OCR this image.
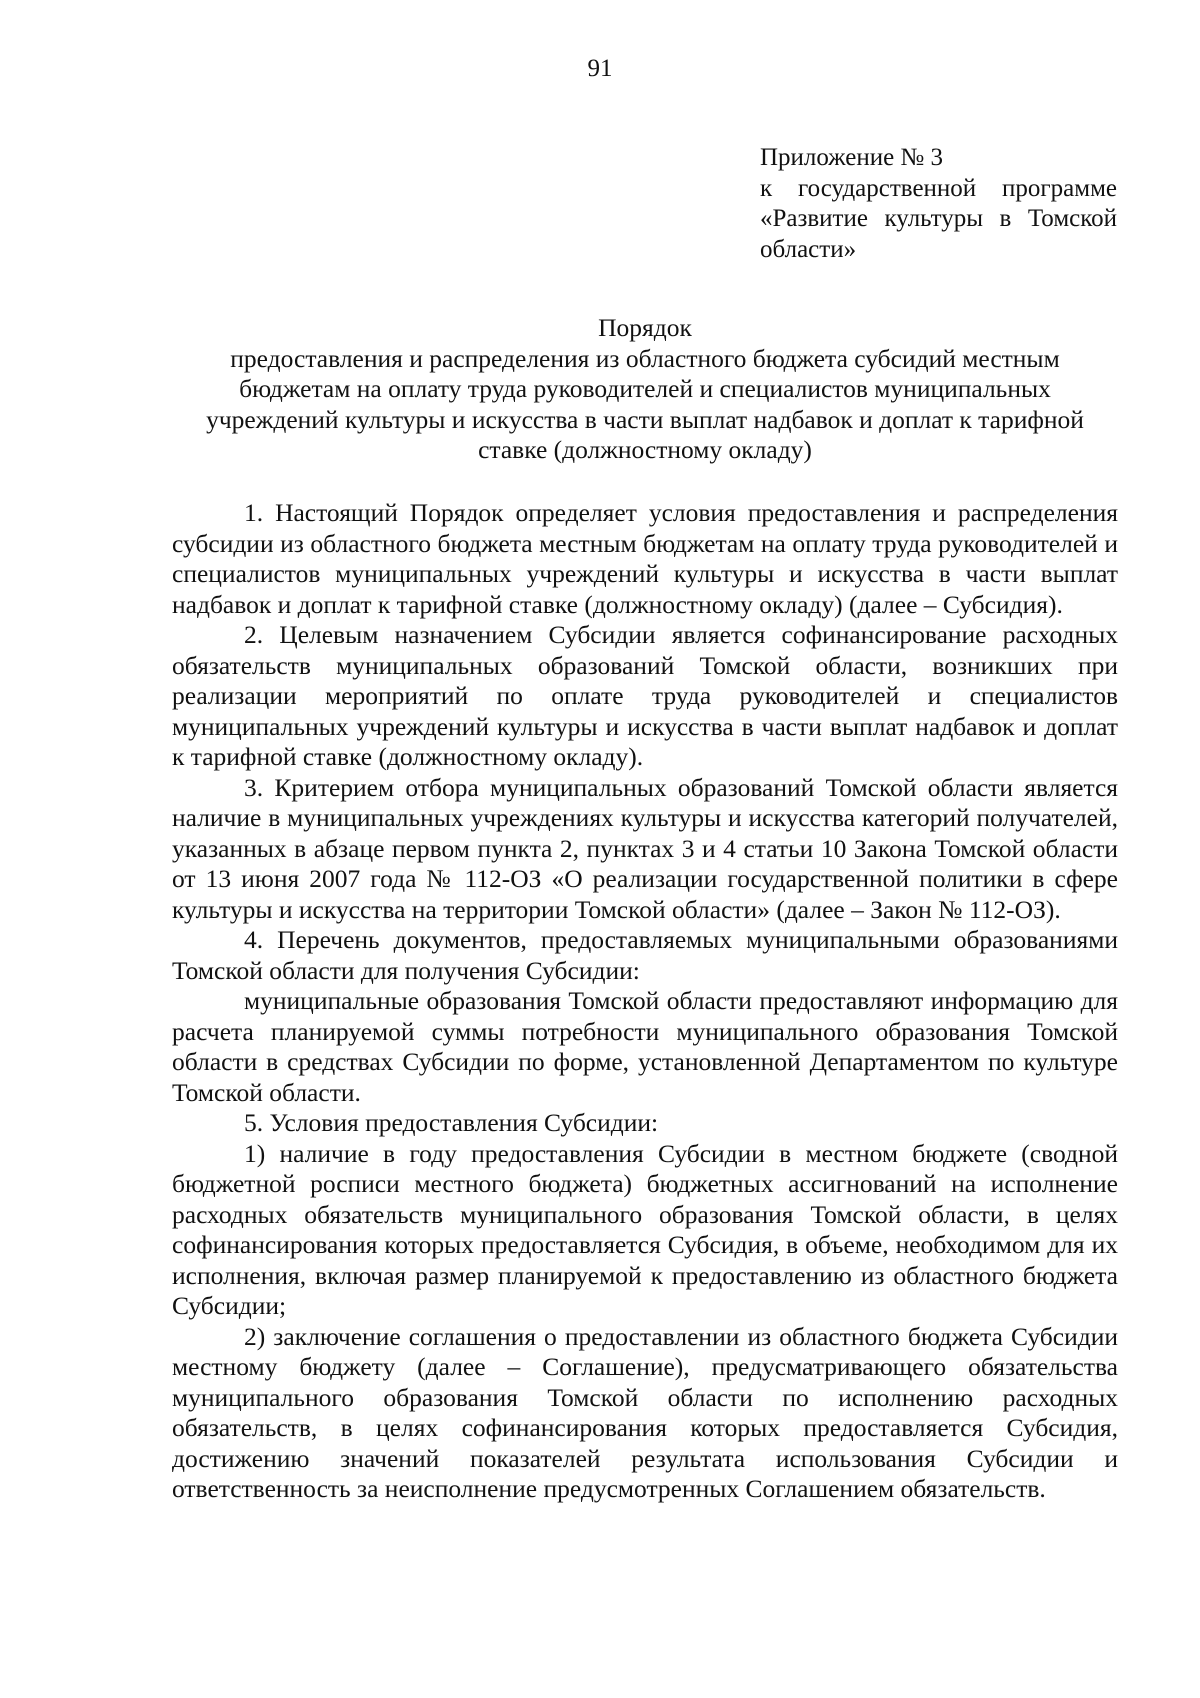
91
Приложение № 3
к государственной программе
«Развитие культуры в Томской
области»
Порядок
предоставления и распределения из областного бюджета субсидий местным бюджетам на оплату труда руководителей и специалистов муниципальных учреждений культуры и искусства в части выплат надбавок и доплат к тарифной ставке (должностному окладу)

1. Настоящий Порядок определяет условия предоставления и распределения субсидии из областного бюджета местным бюджетам на оплату труда руководителей и специалистов муниципальных учреждений культуры и искусства в части выплат надбавок и доплат к тарифной ставке (должностному окладу) (далее – Субсидия).

2. Целевым назначением Субсидии является софинансирование расходных обязательств муниципальных образований Томской области, возникших при реализации мероприятий по оплате труда руководителей и специалистов муниципальных учреждений культуры и искусства в части выплат надбавок и доплат к тарифной ставке (должностному окладу).

3. Критерием отбора муниципальных образований Томской области является наличие в муниципальных учреждениях культуры и искусства категорий получателей, указанных в абзаце первом пункта 2, пунктах 3 и 4 статьи 10 Закона Томской области от 13 июня 2007 года № 112-ОЗ «О реализации государственной политики в сфере культуры и искусства на территории Томской области» (далее – Закон № 112-ОЗ).

4. Перечень документов, предоставляемых муниципальными образованиями Томской области для получения Субсидии:

муниципальные образования Томской области предоставляют информацию для расчета планируемой суммы потребности муниципального образования Томской области в средствах Субсидии по форме, установленной Департаментом по культуре Томской области.

5. Условия предоставления Субсидии:

1) наличие в году предоставления Субсидии в местном бюджете (сводной бюджетной росписи местного бюджета) бюджетных ассигнований на исполнение расходных обязательств муниципального образования Томской области, в целях софинансирования которых предоставляется Субсидия, в объеме, необходимом для их исполнения, включая размер планируемой к предоставлению из областного бюджета Субсидии;

2) заключение соглашения о предоставлении из областного бюджета Субсидии местному бюджету (далее – Соглашение), предусматривающего обязательства муниципального образования Томской области по исполнению расходных обязательств, в целях софинансирования которых предоставляется Субсидия, достижению значений показателей результата использования Субсидии и ответственность за неисполнение предусмотренных Соглашением обязательств.
